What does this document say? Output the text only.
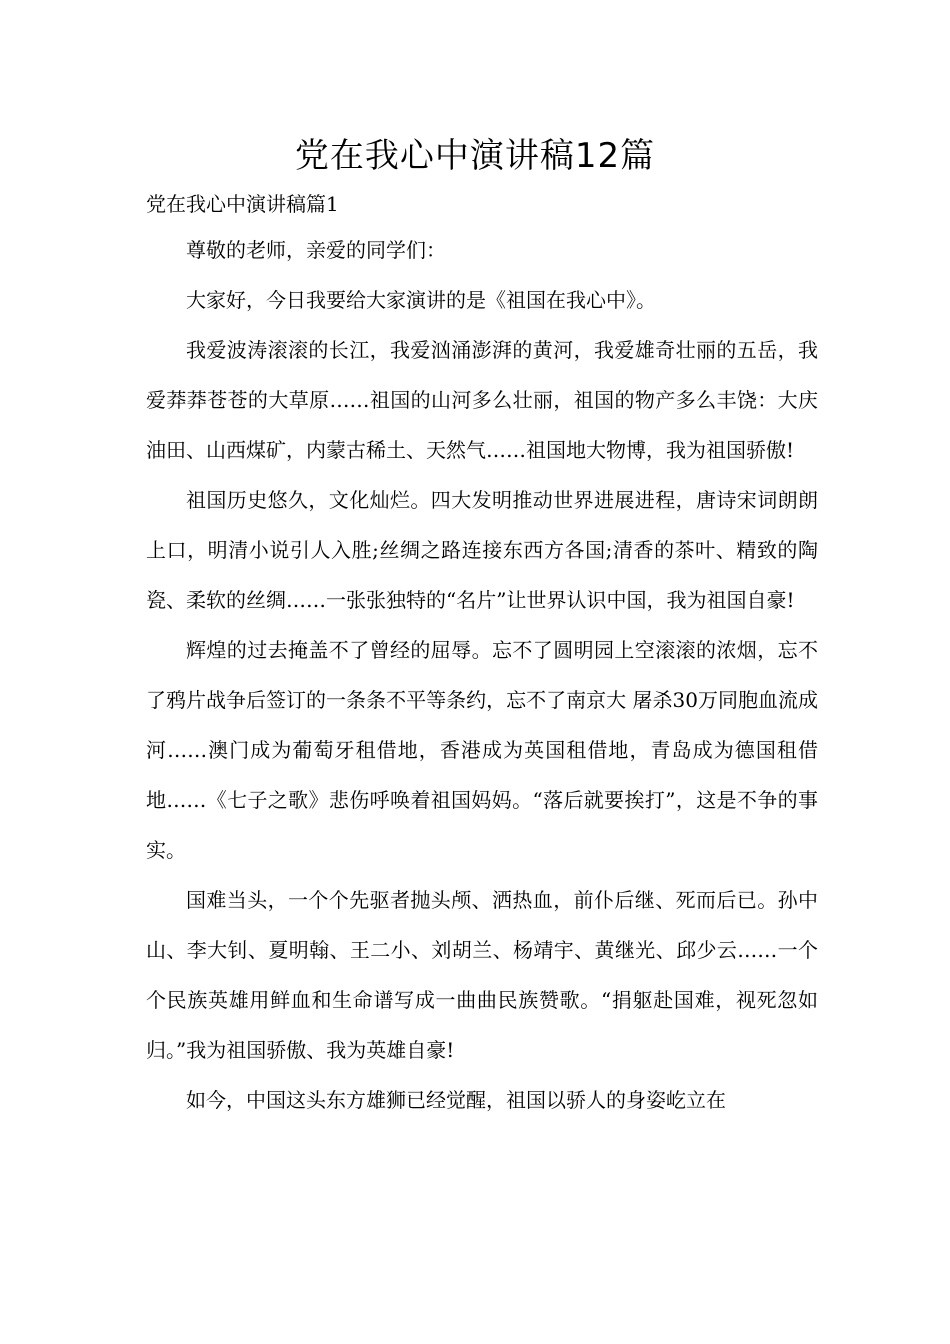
党在我心中演讲稿12篇
党在我心中演讲稿篇1

尊敬的老师，亲爱的同学们：

大家好，今日我要给大家演讲的是《祖国在我心中》。

我爱波涛滚滚的长江，我爱汹涌澎湃的黄河，我爱雄奇壮丽的五岳，我爱莽莽苍苍的大草原……祖国的山河多么壮丽，祖国的物产多么丰饶：大庆油田、山西煤矿，内蒙古稀土、天然气……祖国地大物博，我为祖国骄傲!

祖国历史悠久，文化灿烂。四大发明推动世界进展进程，唐诗宋词朗朗上口，明清小说引人入胜;丝绸之路连接东西方各国;清香的茶叶、精致的陶瓷、柔软的丝绸……一张张独特的“名片”让世界认识中国，我为祖国自豪!

辉煌的过去掩盖不了曾经的屈辱。忘不了圆明园上空滚滚的浓烟，忘不了鸦片战争后签订的一条条不平等条约，忘不了南京大 屠杀30万同胞血流成河……澳门成为葡萄牙租借地，香港成为英国租借地，青岛成为德国租借地……《七子之歌》悲伤呼唤着祖国妈妈。“落后就要挨打”，这是不争的事实。

国难当头，一个个先驱者抛头颅、洒热血，前仆后继、死而后已。孙中山、李大钊、夏明翰、王二小、刘胡兰、杨靖宇、黄继光、邱少云……一个个民族英雄用鲜血和生命谱写成一曲曲民族赞歌。“捐躯赴国难，视死忽如归。”我为祖国骄傲、我为英雄自豪!

如今，中国这头东方雄狮已经觉醒，祖国以骄人的身姿屹立在
